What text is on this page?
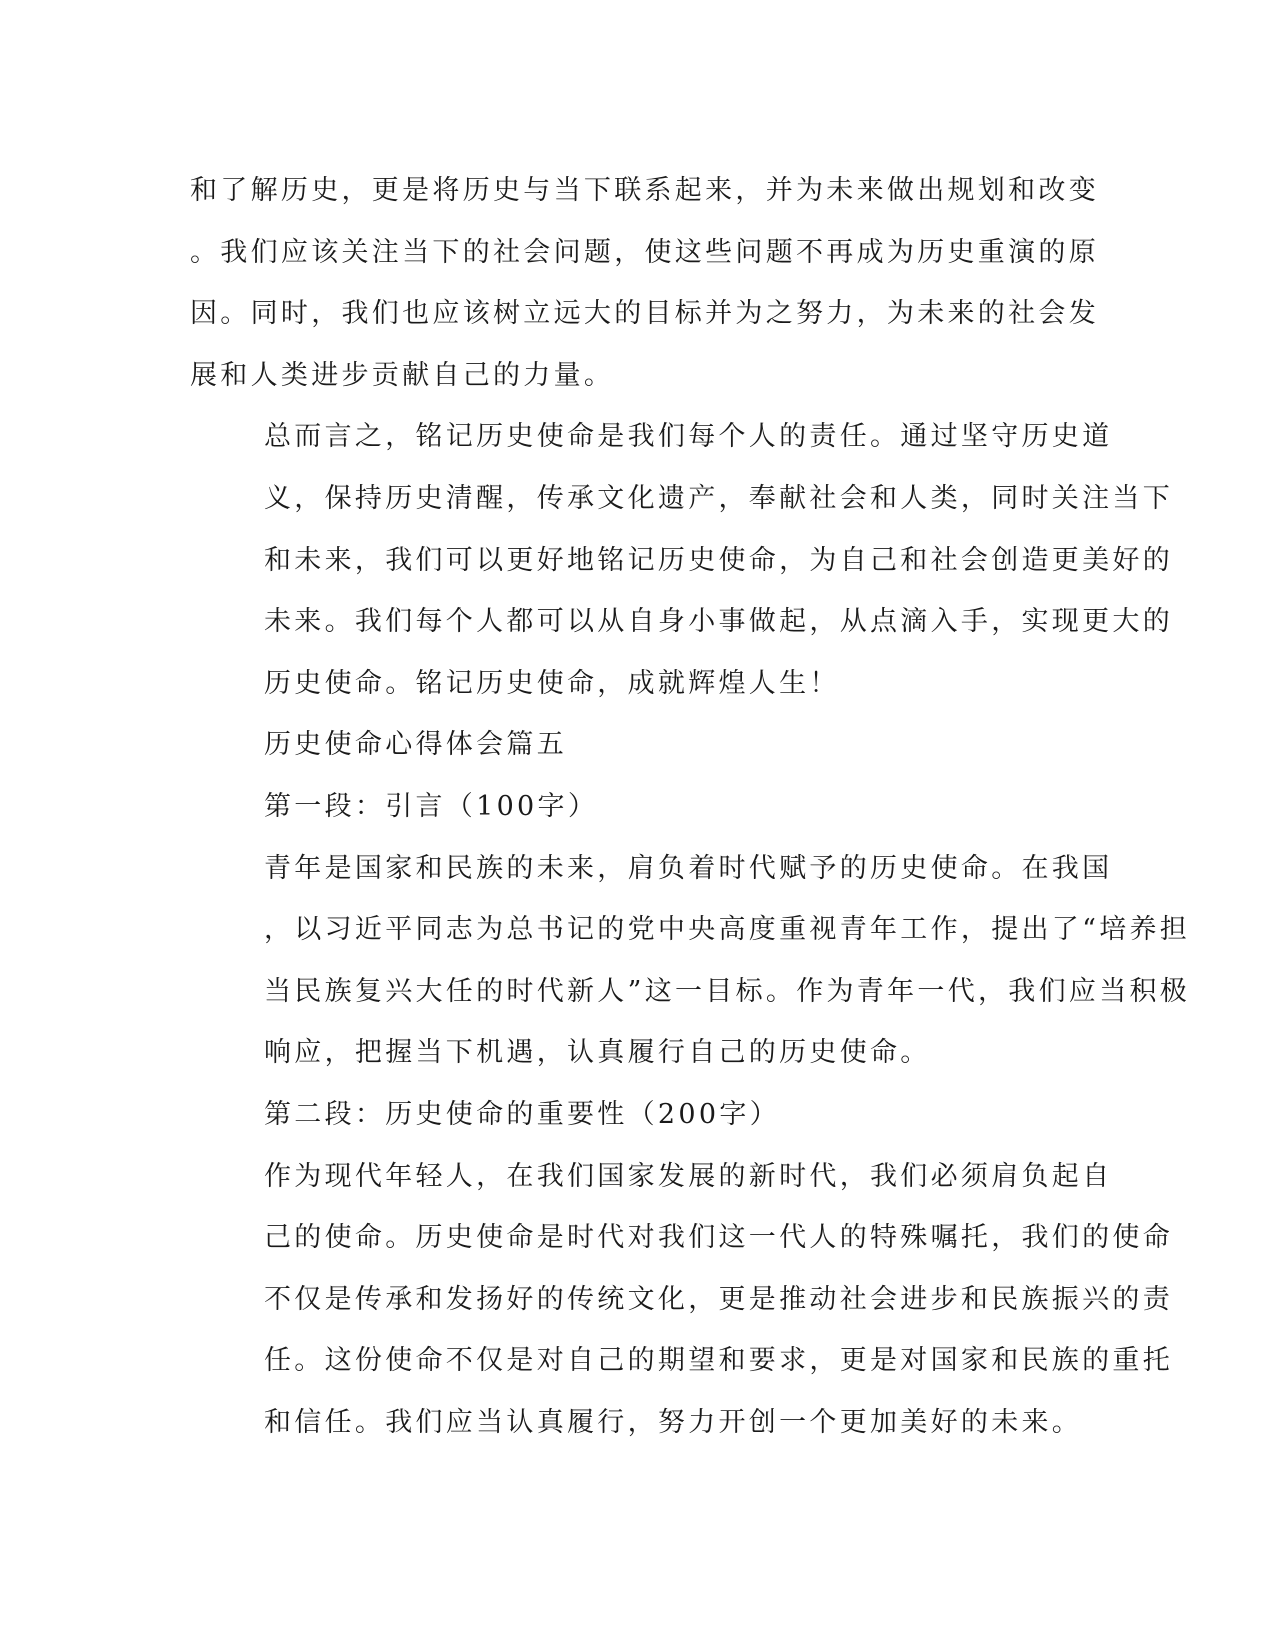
和了解历史，更是将历史与当下联系起来，并为未来做出规划和改变
。我们应该关注当下的社会问题，使这些问题不再成为历史重演的原
因。同时，我们也应该树立远大的目标并为之努力，为未来的社会发
展和人类进步贡献自己的力量。

总而言之，铭记历史使命是我们每个人的责任。通过坚守历史道
义，保持历史清醒，传承文化遗产，奉献社会和人类，同时关注当下
和未来，我们可以更好地铭记历史使命，为自己和社会创造更美好的
未来。我们每个人都可以从自身小事做起，从点滴入手，实现更大的
历史使命。铭记历史使命，成就辉煌人生！

历史使命心得体会篇五

第一段：引言（100字）

青年是国家和民族的未来，肩负着时代赋予的历史使命。在我国
，以习近平同志为总书记的党中央高度重视青年工作，提出了“培养担
当民族复兴大任的时代新人”这一目标。作为青年一代，我们应当积极
响应，把握当下机遇，认真履行自己的历史使命。

第二段：历史使命的重要性（200字）

作为现代年轻人，在我们国家发展的新时代，我们必须肩负起自
己的使命。历史使命是时代对我们这一代人的特殊嘱托，我们的使命
不仅是传承和发扬好的传统文化，更是推动社会进步和民族振兴的责
任。这份使命不仅是对自己的期望和要求，更是对国家和民族的重托
和信任。我们应当认真履行，努力开创一个更加美好的未来。
